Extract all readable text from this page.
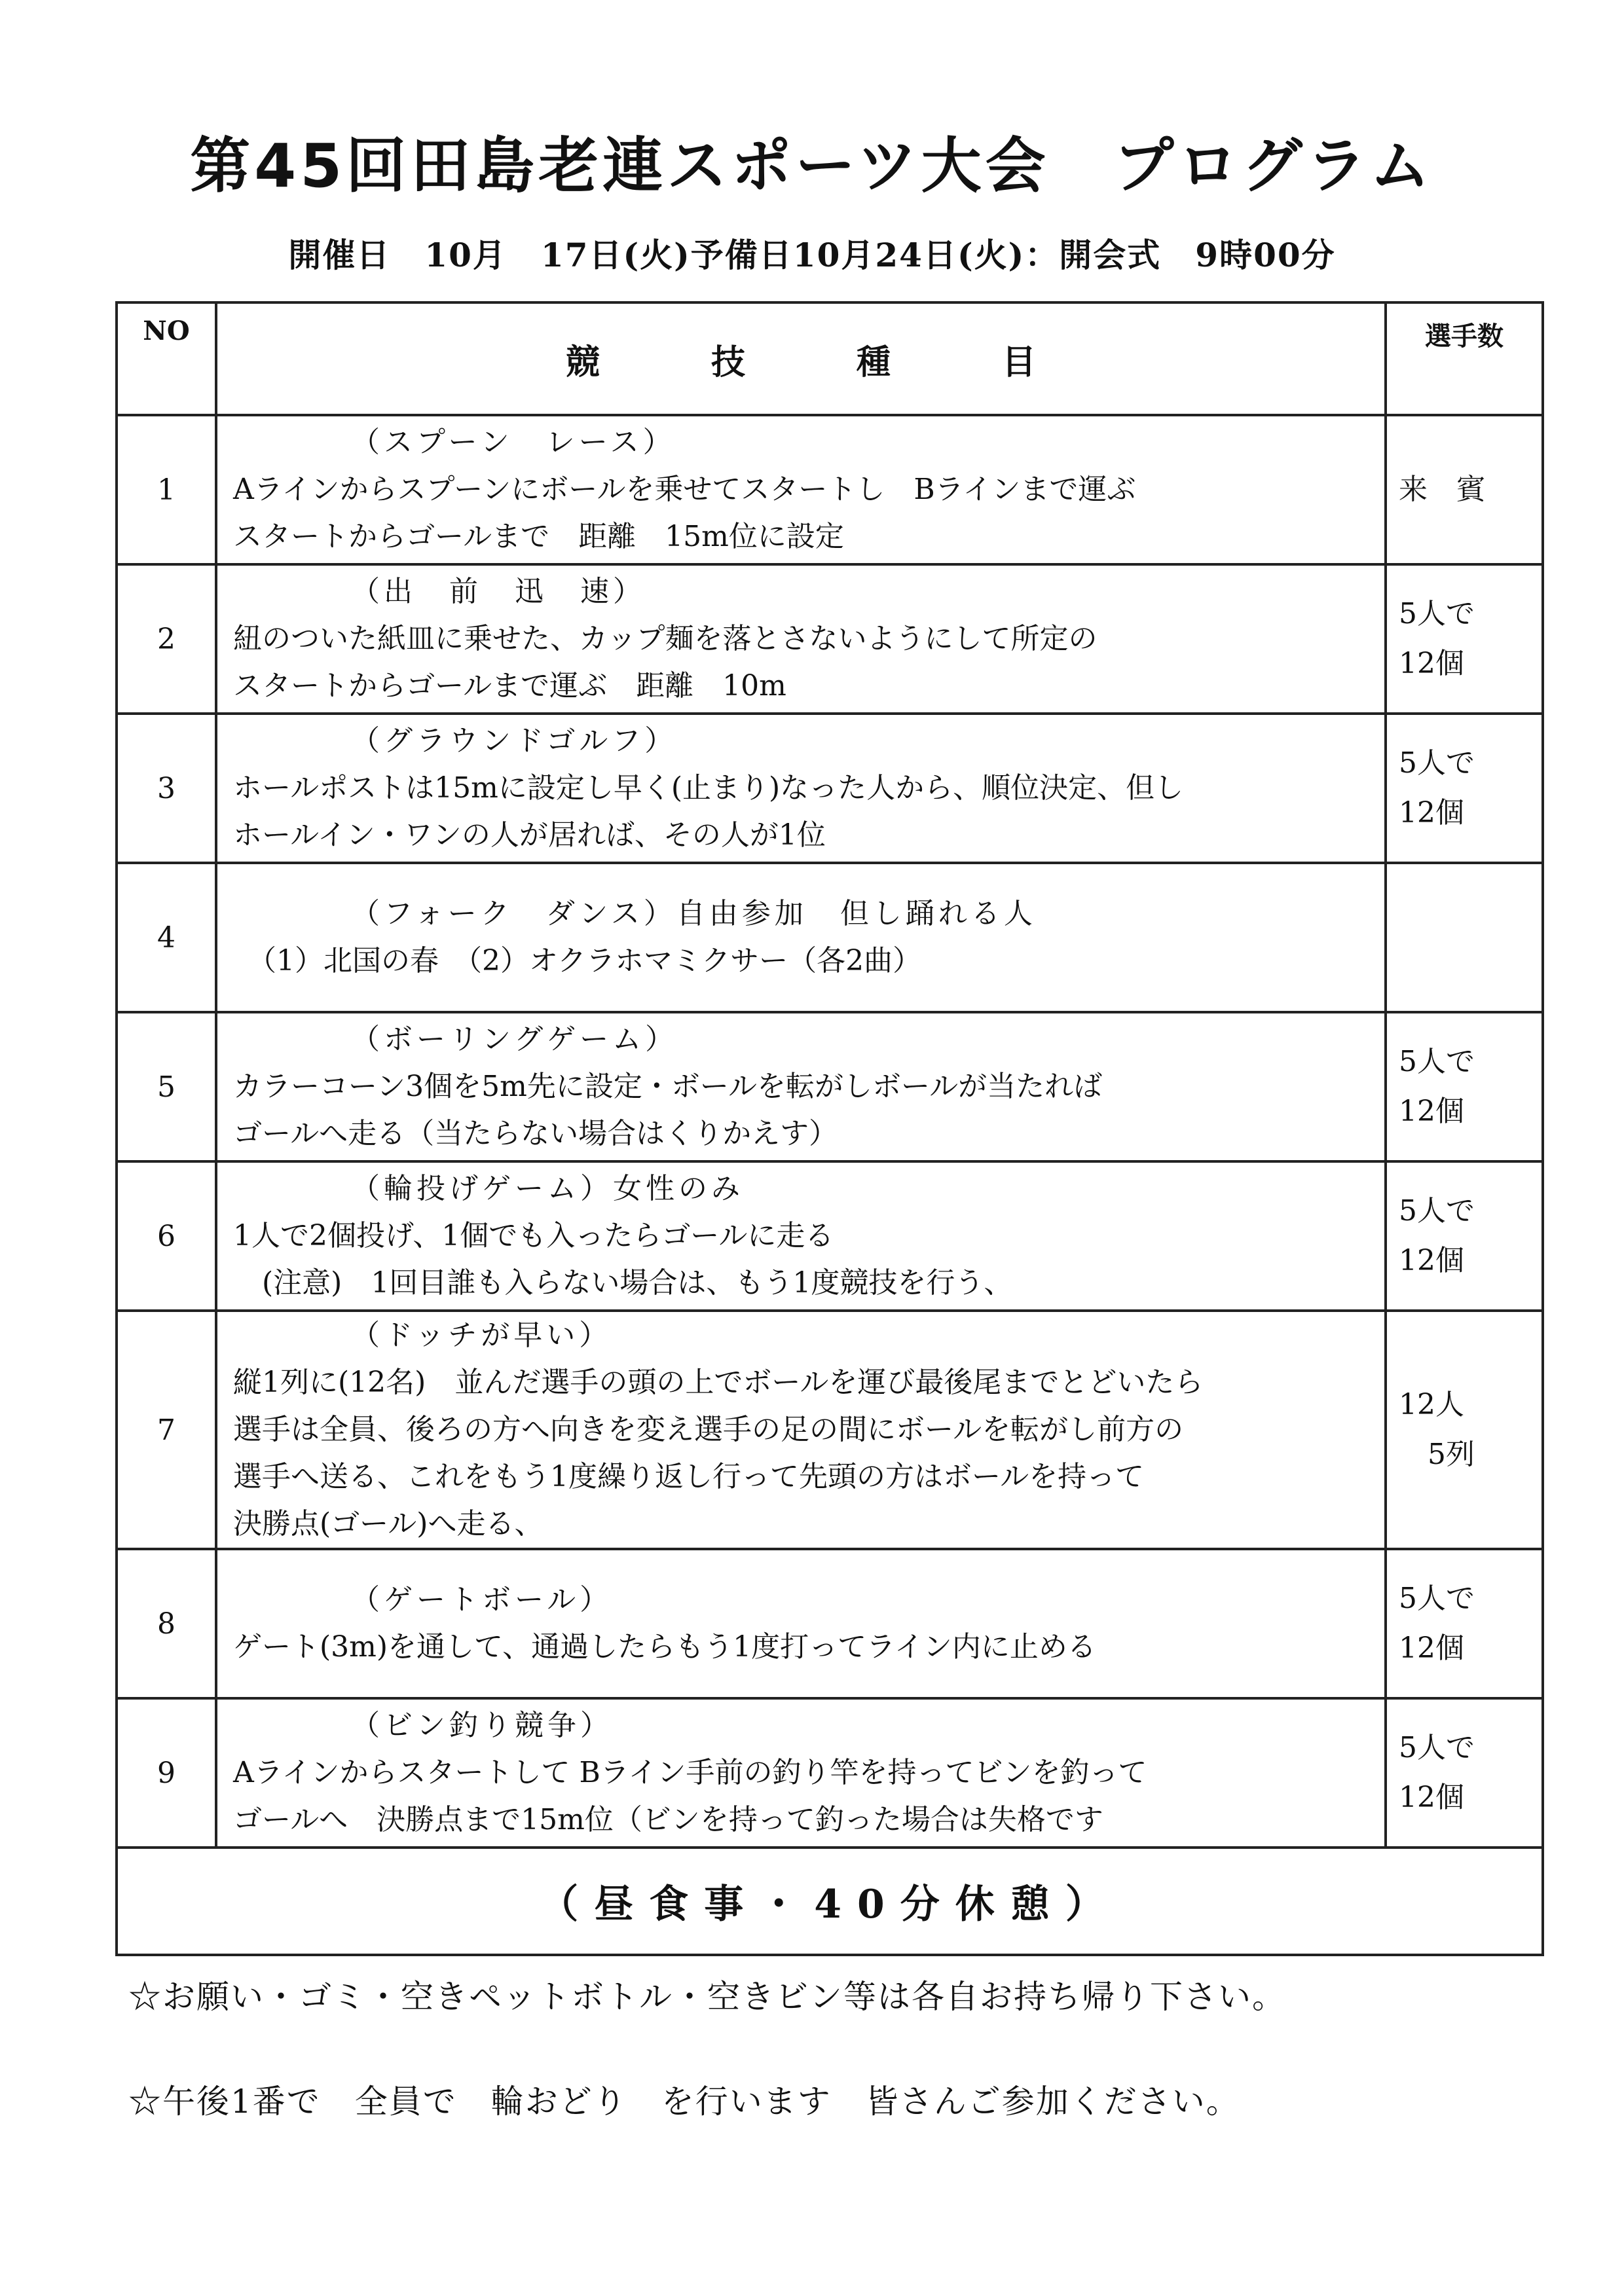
第45回田島老連スポーツ大会　プログラム
開催日　10月　17日(火)予備日10月24日(火)：開会式　9時00分
NO	競技種目	選手数
1	（スプーン　レース）
Aラインからスプーンにボールを乗せてスタートし　Bラインまで運ぶ
スタートからゴールまで　距離　15m位に設定	来　賓

2	（出　前　迅　速）
紐のついた紙皿に乗せた、カップ麺を落とさないようにして所定の
スタートからゴールまで運ぶ　距離　10m	5人で
12個

3	（グラウンドゴルフ）
ホールポストは15mに設定し早く(止まり)なった人から、順位決定、但し
ホールイン・ワンの人が居れば、その人が1位	5人で
12個

4	（フォーク　ダンス）自由参加　但し踊れる人
　（1）北国の春　（2）オクラホマミクサー（各2曲）	

5	（ボーリングゲーム）
カラーコーン3個を5m先に設定・ボールを転がしボールが当たれば
ゴールへ走る（当たらない場合はくりかえす）	5人で
12個

6	（輪投げゲーム）女性のみ
1人で2個投げ、1個でも入ったらゴールに走る
　(注意)　1回目誰も入らない場合は、もう1度競技を行う、	5人で
12個

7	（ドッチが早い）
縦1列に(12名)　並んだ選手の頭の上でボールを運び最後尾までとどいたら
選手は全員、後ろの方へ向きを変え選手の足の間にボールを転がし前方の
選手へ送る、これをもう1度繰り返し行って先頭の方はボールを持って
決勝点(ゴール)へ走る、	12人
　5列

8	（ゲートボール）
ゲート(3m)を通して、通過したらもう1度打ってライン内に止める	5人で
12個

9	（ビン釣り競争）
Aラインからスタートして Bライン手前の釣り竿を持ってビンを釣って
ゴールへ　決勝点まで15m位（ビンを持って釣った場合は失格です	5人で
12個

（昼食事・40分休憩）		
☆お願い・ゴミ・空きペットボトル・空きビン等は各自お持ち帰り下さい。
☆午後1番で　全員で　輪おどり　を行います　皆さんご参加ください。
